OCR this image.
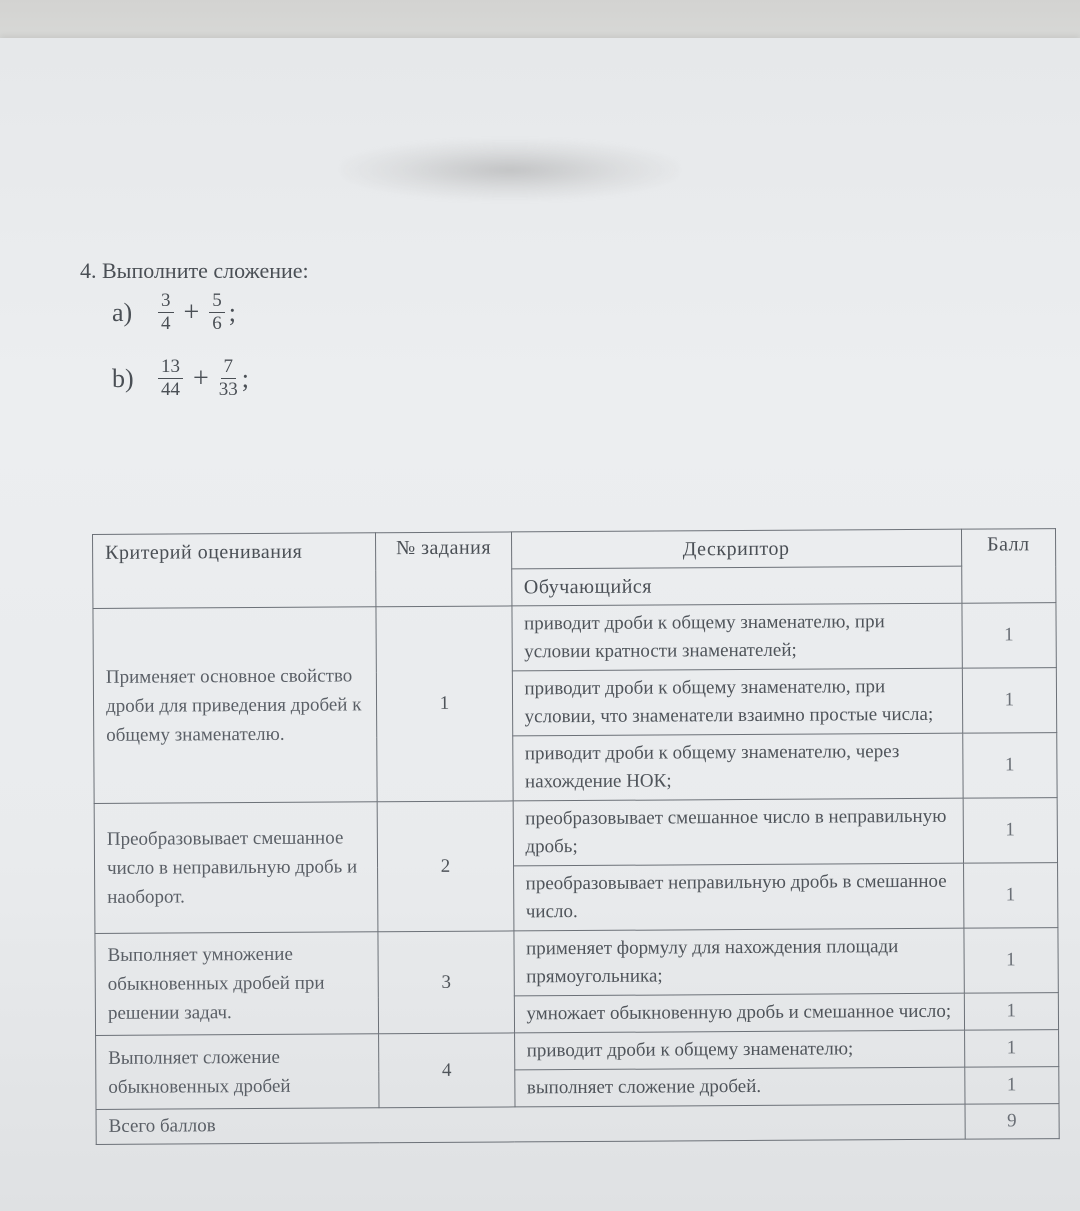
4. Выполните сложение:
a)	$\frac{3}{4} + \frac{5}{6}$ ;
b)	$\frac{13}{44} + \frac{7}{33}$ ;
Критерий оценивания	№ задания	Дескриптор	Балл
		Обучающийся	
Применяет основное свойство дроби для приведения дробей к общему знаменателю.	1	приводит дроби к общему знаменателю, при условии кратности знаменателей;	1
		приводит дроби к общему знаменателю, при условии, что знаменатели взаимно простые числа;	1
		приводит дроби к общему знаменателю, через нахождение НОК;	1
Преобразовывает смешанное число в неправильную дробь и наоборот.	2	преобразовывает смешанное число в неправильную дробь;	1
		преобразовывает неправильную дробь в смешанное число.	1
Выполняет умножение обыкновенных дробей при решении задач.	3	применяет формулу для нахождения площади прямоугольника;	1
		умножает обыкновенную дробь и смешанное число;	1
Выполняет сложение обыкновенных дробей	4	приводит дроби к общему знаменателю;	1
		выполняет сложение дробей.	1
Всего баллов			9
